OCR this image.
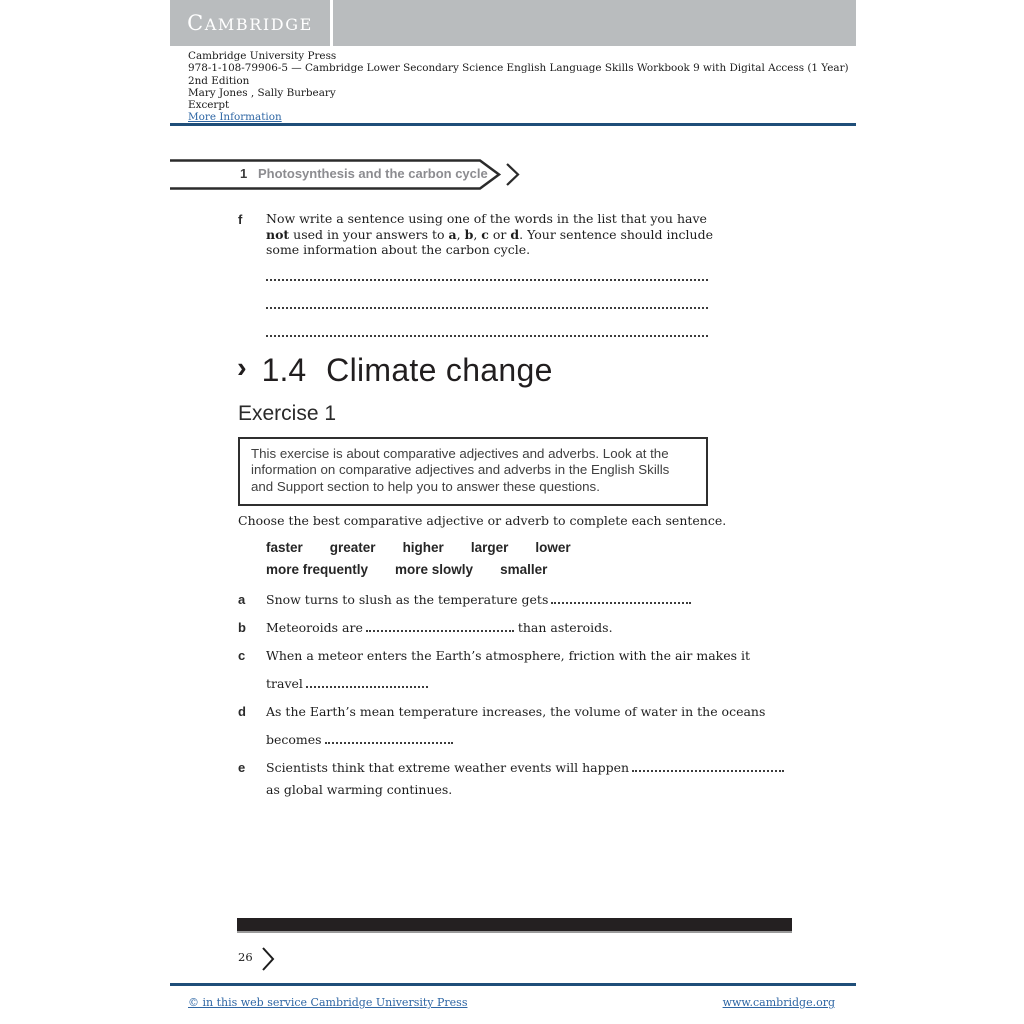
CAMBRIDGE
Cambridge University Press
978-1-108-79906-5 — Cambridge Lower Secondary Science English Language Skills Workbook 9 with Digital Access (1 Year)
2nd Edition
Mary Jones , Sally Burbeary
Excerpt
More Information
1 Photosynthesis and the carbon cycle
f Now write a sentence using one of the words in the list that you have not used in your answers to a, b, c or d. Your sentence should include some information about the carbon cycle.
› 1.4 Climate change
Exercise 1
This exercise is about comparative adjectives and adverbs. Look at the information on comparative adjectives and adverbs in the English Skills and Support section to help you to answer these questions.
Choose the best comparative adjective or adverb to complete each sentence.
faster greater higher larger lower
more frequently more slowly smaller
a Snow turns to slush as the temperature gets
b Meteoroids are	than asteroids.
c When a meteor enters the Earth’s atmosphere, friction with the air makes it
travel
d As the Earth’s mean temperature increases, the volume of water in the oceans
becomes
e Scientists think that extreme weather events will happen
as global warming continues.
26
© in this web service Cambridge University Press	www.cambridge.org
